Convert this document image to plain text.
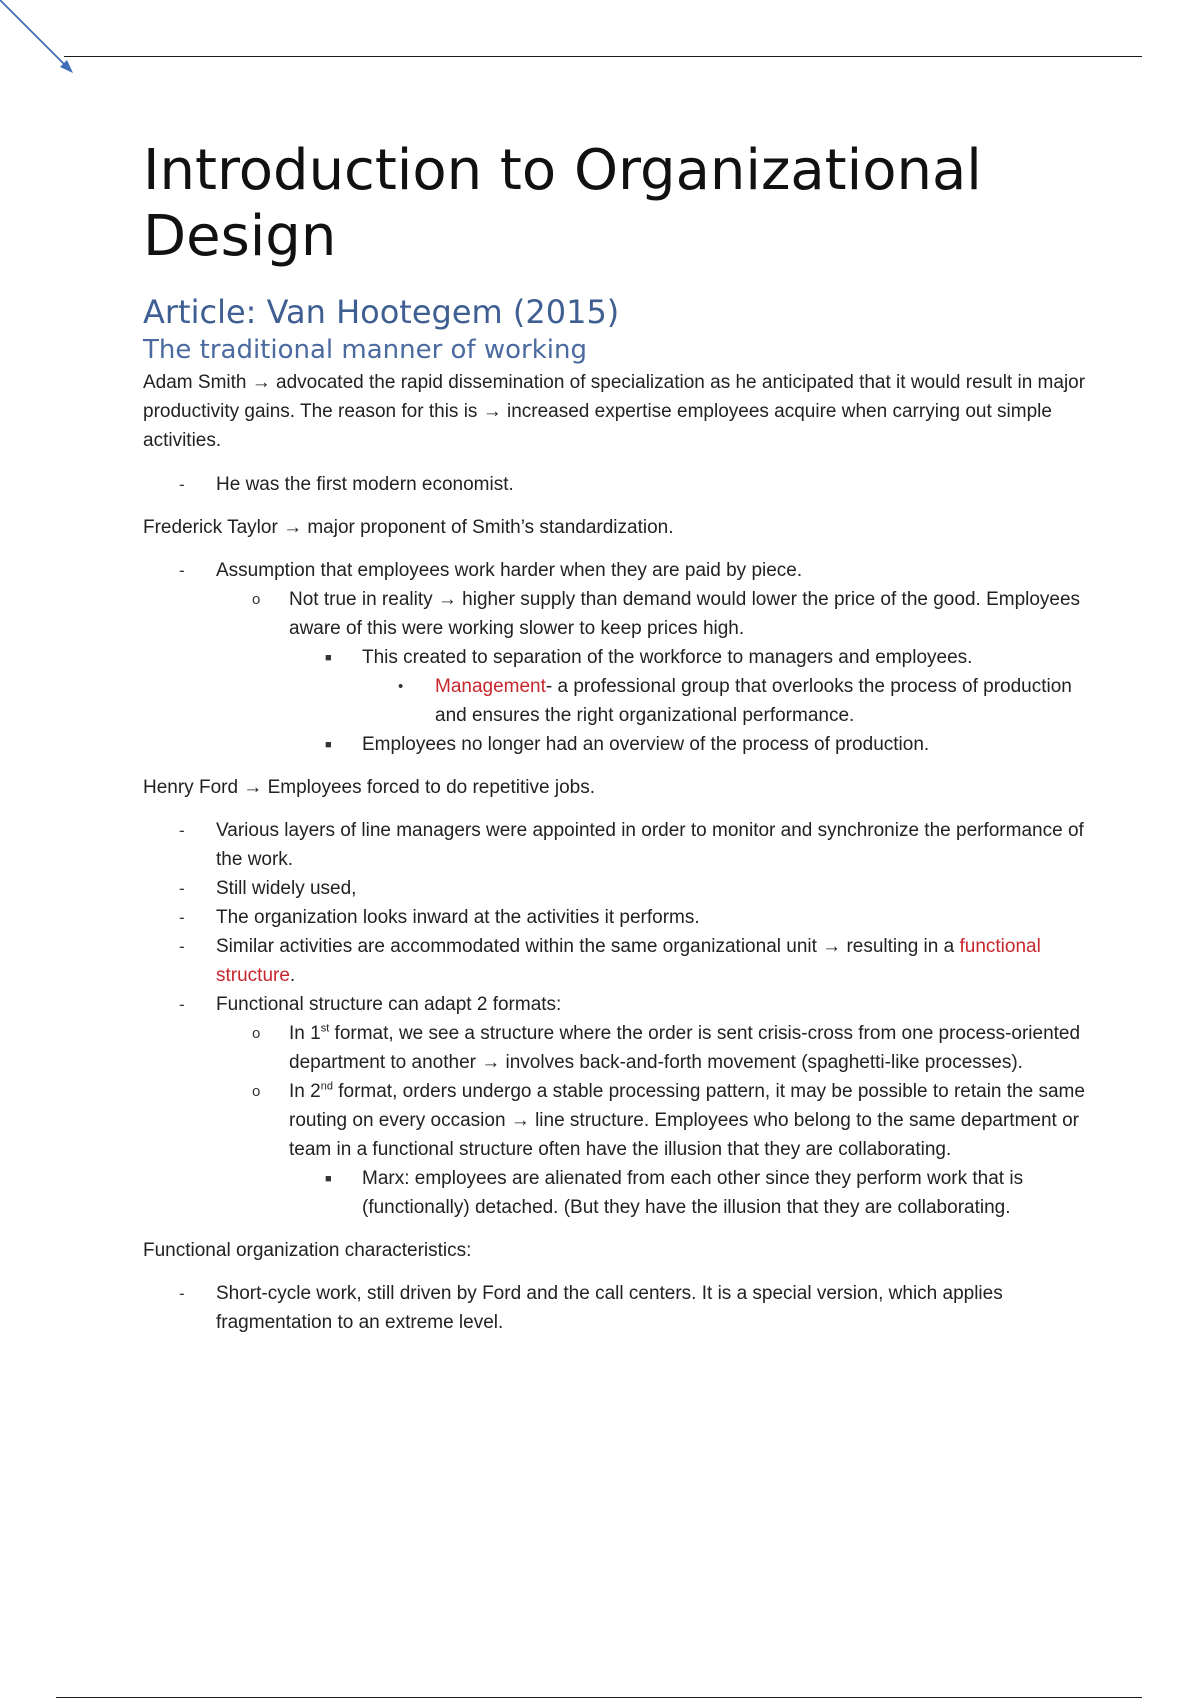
Introduction to Organizational Design
Article: Van Hootegem (2015)
The traditional manner of working

Adam Smith → advocated the rapid dissemination of specialization as he anticipated that it would result in major productivity gains. The reason for this is → increased expertise employees acquire when carrying out simple activities.

- He was the first modern economist.

Frederick Taylor → major proponent of Smith’s standardization.

- Assumption that employees work harder when they are paid by piece.
o Not true in reality → higher supply than demand would lower the price of the good. Employees aware of this were working slower to keep prices high.
■ This created to separation of the workforce to managers and employees.
• Management- a professional group that overlooks the process of production and ensures the right organizational performance.
■ Employees no longer had an overview of the process of production.

Henry Ford → Employees forced to do repetitive jobs.

- Various layers of line managers were appointed in order to monitor and synchronize the performance of the work.
- Still widely used,
- The organization looks inward at the activities it performs.
- Similar activities are accommodated within the same organizational unit → resulting in a functional structure.
- Functional structure can adapt 2 formats:
o In 1st format, we see a structure where the order is sent crisis-cross from one process-oriented department to another → involves back-and-forth movement (spaghetti-like processes).
o In 2nd format, orders undergo a stable processing pattern, it may be possible to retain the same routing on every occasion → line structure. Employees who belong to the same department or team in a functional structure often have the illusion that they are collaborating.
■ Marx: employees are alienated from each other since they perform work that is (functionally) detached. (But they have the illusion that they are collaborating.

Functional organization characteristics:

- Short-cycle work, still driven by Ford and the call centers. It is a special version, which applies fragmentation to an extreme level.
